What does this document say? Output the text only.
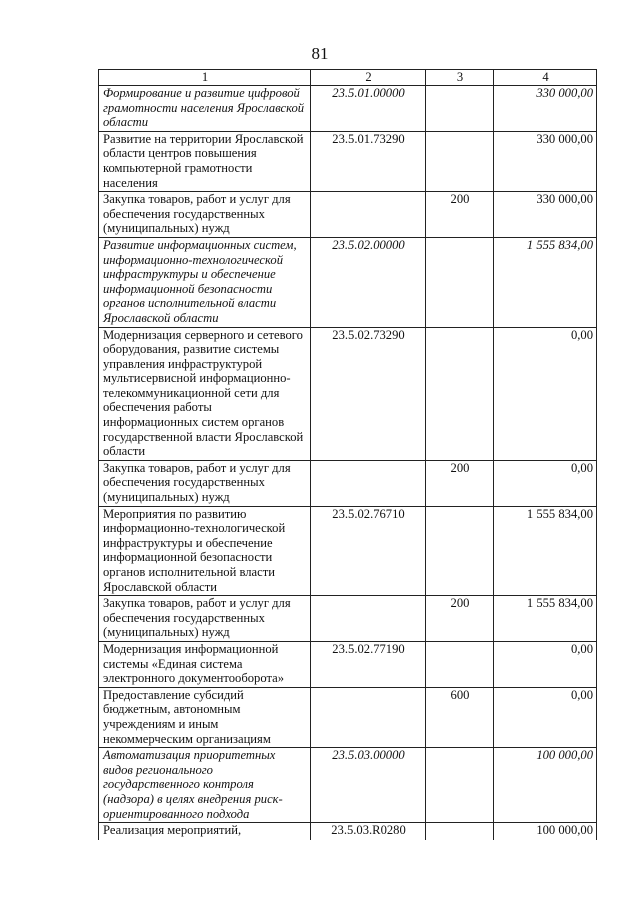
81
1	2	3	4
Формирование и развитие цифровой грамотности населения Ярославской области	23.5.01.00000		330 000,00
Развитие на территории Ярославской области центров повышения компьютерной грамотности населения	23.5.01.73290		330 000,00
Закупка товаров, работ и услуг для обеспечения государственных (муниципальных) нужд		200	330 000,00
Развитие информационных систем, информационно-технологической инфраструктуры и обеспечение информационной безопасности органов исполнительной власти Ярославской области	23.5.02.00000		1 555 834,00
Модернизация серверного и сетевого оборудования, развитие системы управления инфраструктурой мультисервисной информационно-телекоммуникационной сети для обеспечения работы информационных систем органов государственной власти Ярославской области	23.5.02.73290		0,00
Закупка товаров, работ и услуг для обеспечения государственных (муниципальных) нужд		200	0,00
Мероприятия по развитию информационно-технологической инфраструктуры и обеспечение информационной безопасности органов исполнительной власти Ярославской области	23.5.02.76710		1 555 834,00
Закупка товаров, работ и услуг для обеспечения государственных (муниципальных) нужд		200	1 555 834,00
Модернизация информационной системы «Единая система электронного документооборота»	23.5.02.77190		0,00
Предоставление субсидий бюджетным, автономным учреждениям и иным некоммерческим организациям		600	0,00
Автоматизация приоритетных видов регионального государственного контроля (надзора) в целях внедрения риск-ориентированного подхода	23.5.03.00000		100 000,00
Реализация мероприятий,	23.5.03.R0280		100 000,00
